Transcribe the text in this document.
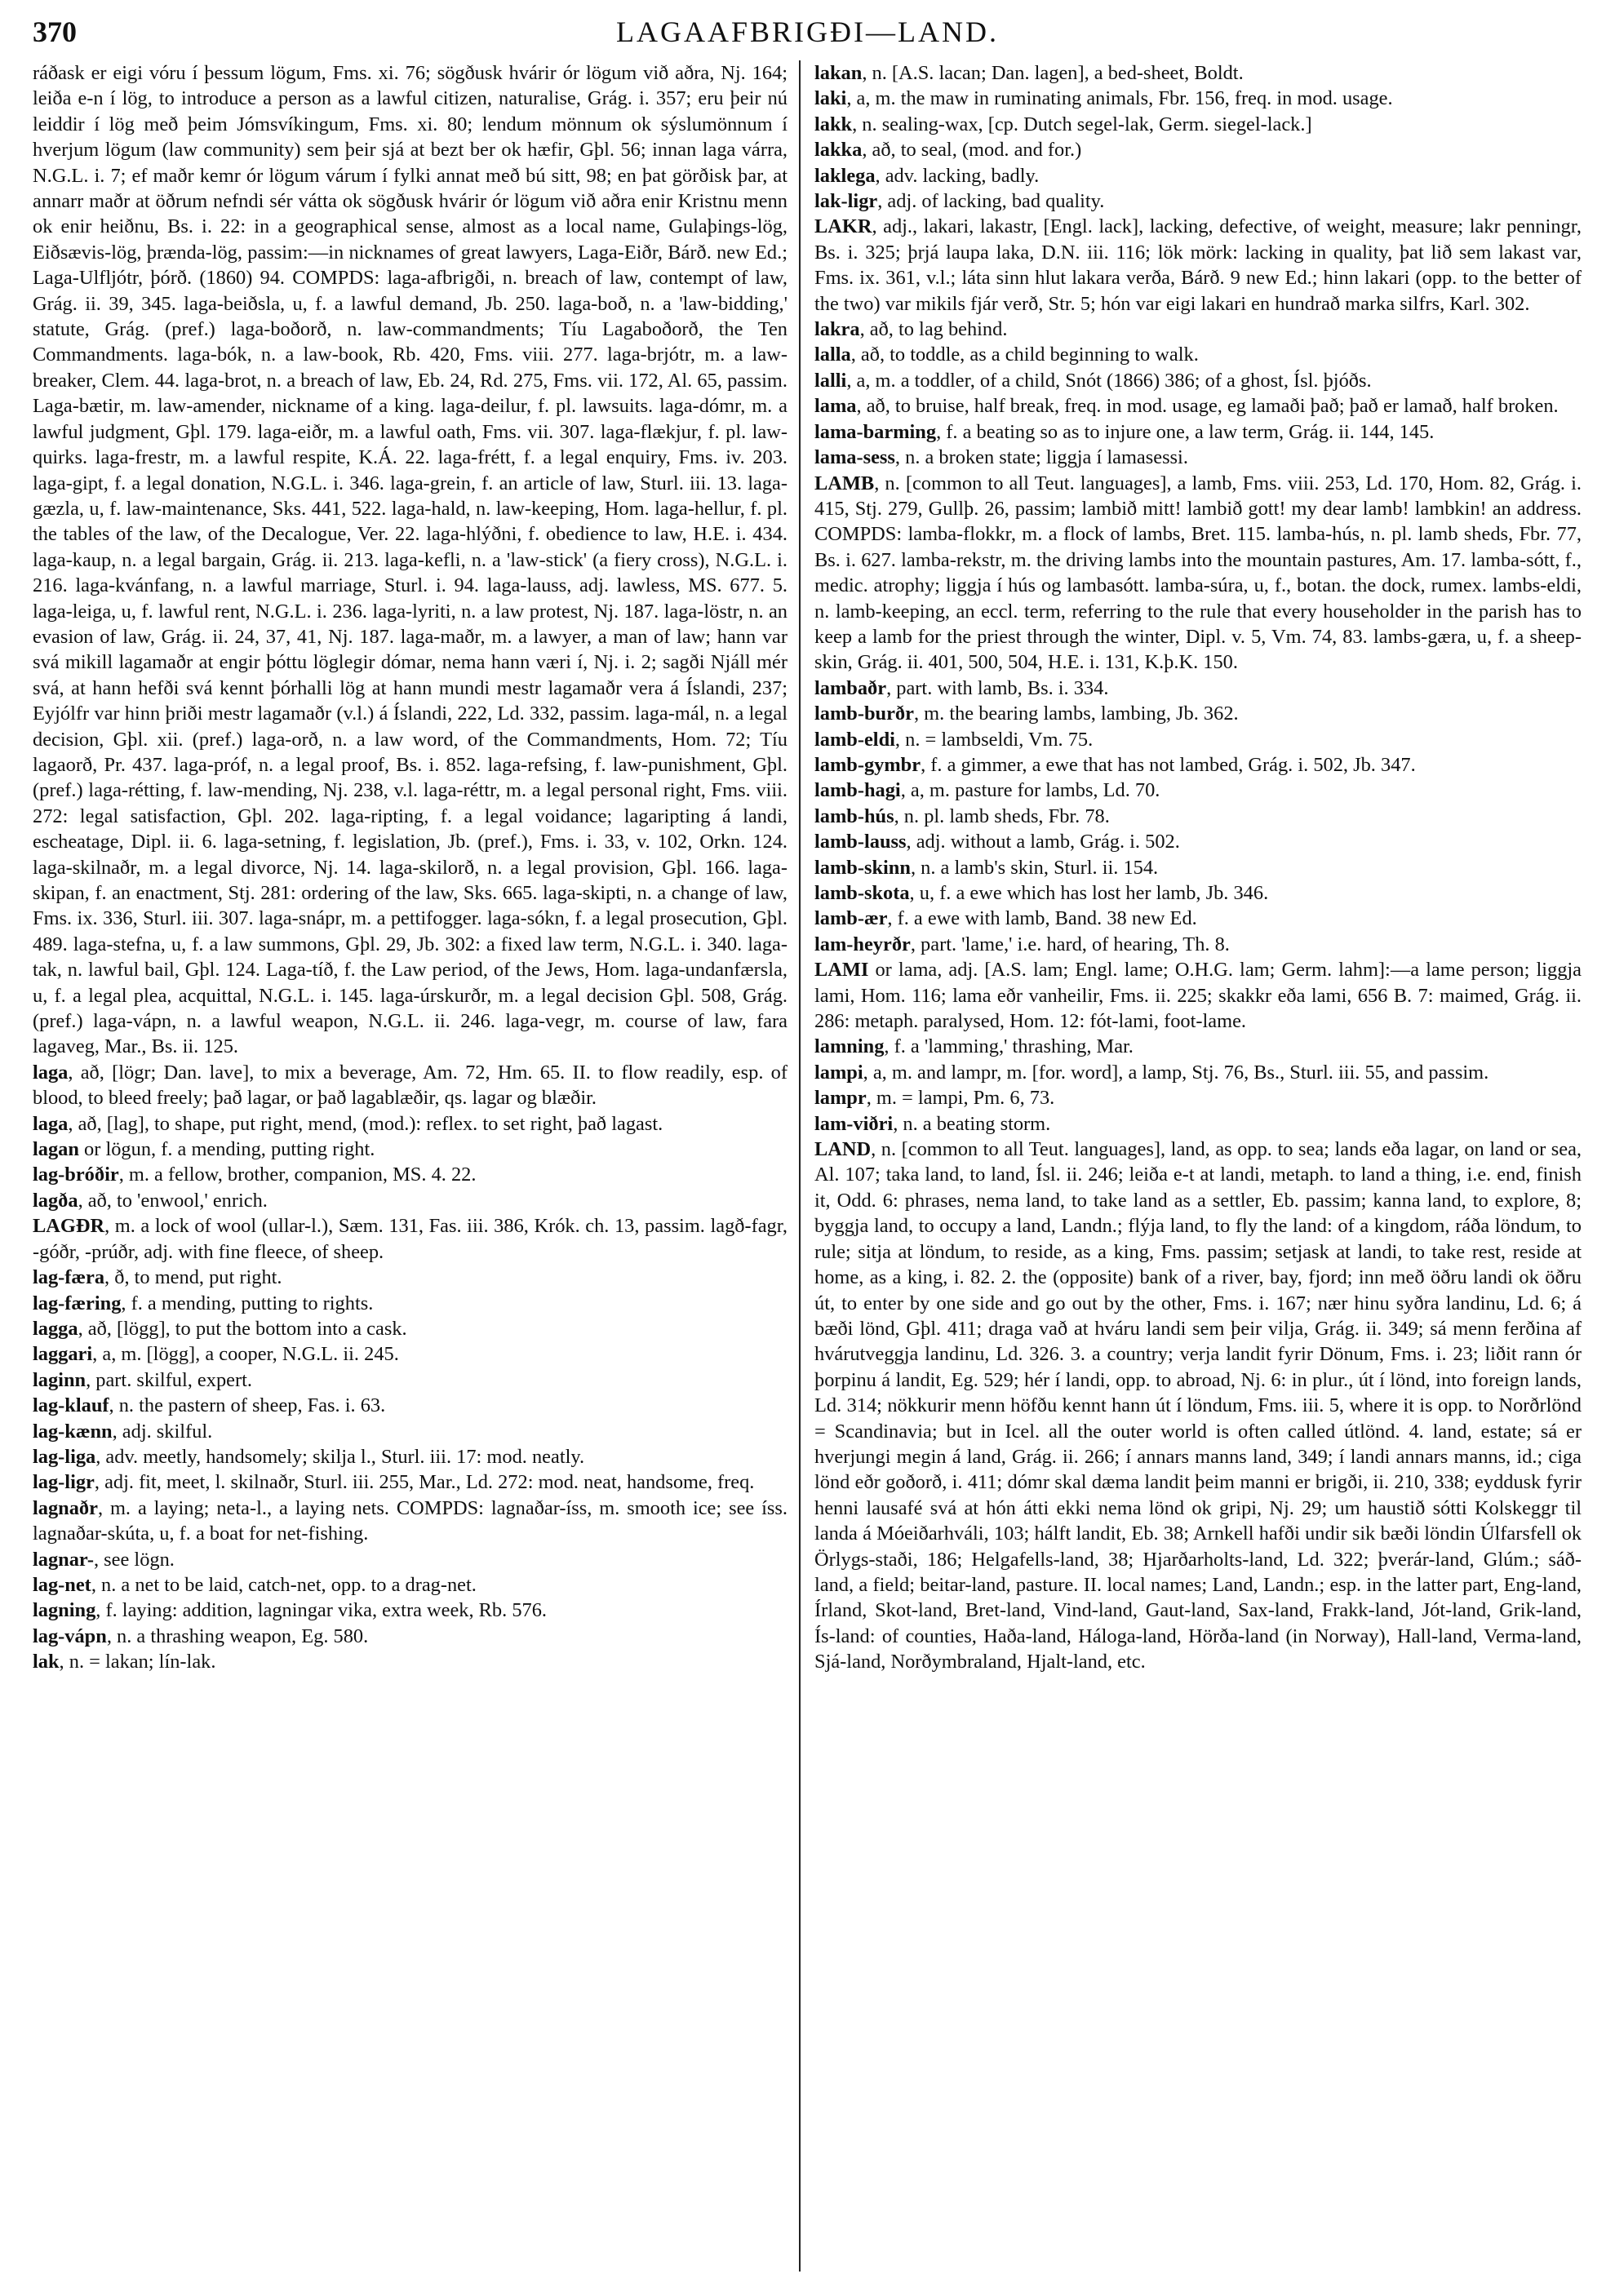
370	LAGAAFBRIGÐI—LAND.

ráðask er eigi vóru í þessum lögum, Fms. xi. 76; sögðusk hvárir ór lögum við aðra, Nj. 164; leiða e-n í lög, to introduce a person as a lawful citizen, naturalise, Grág. i. 357; eru þeir nú leiddir í lög með þeim Jómsvíkingum, Fms. xi. 80; lendum mönnum ok sýslumönnum í hverjum lögum (law community) sem þeir sjá at bezt ber ok hæfir, Gþl. 56; innan laga várra, N.G.L. i. 7; ef maðr kemr ór lögum várum í fylki annat með bú sitt, 98; en þat görðisk þar, at annarr maðr at öðrum nefndi sér vátta ok sögðusk hvárir ór lögum við aðra enir Kristnu menn ok enir heiðnu, Bs. i. 22: in a geographical sense, almost as a local name, Gulaþings-lög, Eiðsævis-lög, þrænda-lög, passim:—in nicknames of great lawyers, Laga-Eiðr, Bárð. new Ed.; Laga-Ulfljótr, þórð. (1860) 94. COMPDS: laga-afbrigði, n. breach of law, contempt of law, Grág. ii. 39, 345. laga-beiðsla, u, f. a lawful demand, Jb. 250. laga-boð, n. a 'law-bidding,' statute, Grág. (pref.) laga-boðorð, n. law-commandments; Tíu Lagaboðorð, the Ten Commandments. laga-bók, n. a law-book, Rb. 420, Fms. viii. 277. laga-brjótr, m. a law-breaker, Clem. 44. laga-brot, n. a breach of law, Eb. 24, Rd. 275, Fms. vii. 172, Al. 65, passim. Laga-bætir, m. law-amender, nickname of a king. laga-deilur, f. pl. lawsuits. laga-dómr, m. a lawful judgment, Gþl. 179. laga-eiðr, m. a lawful oath, Fms. vii. 307. laga-flækjur, f. pl. law-quirks. laga-frestr, m. a lawful respite, K.Á. 22. laga-frétt, f. a legal enquiry, Fms. iv. 203. laga-gipt, f. a legal donation, N.G.L. i. 346. laga-grein, f. an article of law, Sturl. iii. 13. laga-gæzla, u, f. law-maintenance, Sks. 441, 522. laga-hald, n. law-keeping, Hom. laga-hellur, f. pl. the tables of the law, of the Decalogue, Ver. 22. laga-hlýðni, f. obedience to law, H.E. i. 434. laga-kaup, n. a legal bargain, Grág. ii. 213. laga-kefli, n. a 'law-stick' (a fiery cross), N.G.L. i. 216. laga-kvánfang, n. a lawful marriage, Sturl. i. 94. laga-lauss, adj. lawless, MS. 677. 5. laga-leiga, u, f. lawful rent, N.G.L. i. 236. laga-lyriti, n. a law protest, Nj. 187. laga-löstr, n. an evasion of law, Grág. ii. 24, 37, 41, Nj. 187. laga-maðr, m. a lawyer, a man of law; hann var svá mikill lagamaðr at engir þóttu löglegir dómar, nema hann væri í, Nj. i. 2; sagði Njáll mér svá, at hann hefði svá kennt þórhalli lög at hann mundi mestr lagamaðr vera á Íslandi, 237; Eyjólfr var hinn þriði mestr lagamaðr (v.l.) á Íslandi, 222, Ld. 332, passim. laga-mál, n. a legal decision, Gþl. xii. (pref.) laga-orð, n. a law word, of the Commandments, Hom. 72; Tíu lagaorð, Pr. 437. laga-próf, n. a legal proof, Bs. i. 852. laga-refsing, f. law-punishment, Gþl. (pref.) laga-rétting, f. law-mending, Nj. 238, v.l. laga-réttr, m. a legal personal right, Fms. viii. 272: legal satisfaction, Gþl. 202. laga-ripting, f. a legal voidance; lagaripting á landi, escheatage, Dipl. ii. 6. laga-setning, f. legislation, Jb. (pref.), Fms. i. 33, v. 102, Orkn. 124. laga-skilnaðr, m. a legal divorce, Nj. 14. laga-skilorð, n. a legal provision, Gþl. 166. laga-skipan, f. an enactment, Stj. 281: ordering of the law, Sks. 665. laga-skipti, n. a change of law, Fms. ix. 336, Sturl. iii. 307. laga-snápr, m. a pettifogger. laga-sókn, f. a legal prosecution, Gþl. 489. laga-stefna, u, f. a law summons, Gþl. 29, Jb. 302: a fixed law term, N.G.L. i. 340. laga-tak, n. lawful bail, Gþl. 124. Laga-tíð, f. the Law period, of the Jews, Hom. laga-undanfærsla, u, f. a legal plea, acquittal, N.G.L. i. 145. laga-úrskurðr, m. a legal decision Gþl. 508, Grág. (pref.) laga-vápn, n. a lawful weapon, N.G.L. ii. 246. laga-vegr, m. course of law, fara lagaveg, Mar., Bs. ii. 125.

laga, að, [lögr; Dan. lave], to mix a beverage, Am. 72, Hm. 65. II. to flow readily, esp. of blood, to bleed freely; það lagar, or það lagablæðir, qs. lagar og blæðir.

laga, að, [lag], to shape, put right, mend, (mod.): reflex. to set right, það lagast.

lagan or lögun, f. a mending, putting right.

lag-bróðir, m. a fellow, brother, companion, MS. 4. 22.

lagða, að, to 'enwool,' enrich.

LAGÐR, m. a lock of wool (ullar-l.), Sæm. 131, Fas. iii. 386, Krók. ch. 13, passim. lagð-fagr, -góðr, -prúðr, adj. with fine fleece, of sheep.

lag-færa, ð, to mend, put right.

lag-færing, f. a mending, putting to rights.

lagga, að, [lögg], to put the bottom into a cask.

laggari, a, m. [lögg], a cooper, N.G.L. ii. 245.

laginn, part. skilful, expert.

lag-klauf, n. the pastern of sheep, Fas. i. 63.

lag-kænn, adj. skilful.

lag-liga, adv. meetly, handsomely; skilja l., Sturl. iii. 17: mod. neatly.

lag-ligr, adj. fit, meet, l. skilnaðr, Sturl. iii. 255, Mar., Ld. 272: mod. neat, handsome, freq.

lagnaðr, m. a laying; neta-l., a laying nets. COMPDS: lagnaðar-íss, m. smooth ice; see íss. lagnaðar-skúta, u, f. a boat for net-fishing.

lagnar-, see lögn.

lag-net, n. a net to be laid, catch-net, opp. to a drag-net.

lagning, f. laying: addition, lagningar vika, extra week, Rb. 576.

lag-vápn, n. a thrashing weapon, Eg. 580.

lak, n. = lakan; lín-lak.

lakan, n. [A.S. lacan; Dan. lagen], a bed-sheet, Boldt.

laki, a, m. the maw in ruminating animals, Fbr. 156, freq. in mod. usage.

lakk, n. sealing-wax, [cp. Dutch segel-lak, Germ. siegel-lack.]

lakka, að, to seal, (mod. and for.)

laklega, adv. lacking, badly.

lak-ligr, adj. of lacking, bad quality.

LAKR, adj., lakari, lakastr, [Engl. lack], lacking, defective, of weight, measure; lakr penningr, Bs. i. 325; þrjá laupa laka, D.N. iii. 116; lök mörk: lacking in quality, þat lið sem lakast var, Fms. ix. 361, v.l.; láta sinn hlut lakara verða, Bárð. 9 new Ed.; hinn lakari (opp. to the better of the two) var mikils fjár verð, Str. 5; hón var eigi lakari en hundrað marka silfrs, Karl. 302.

lakra, að, to lag behind.

lalla, að, to toddle, as a child beginning to walk.

lalli, a, m. a toddler, of a child, Snót (1866) 386; of a ghost, Ísl. þjóðs.

lama, að, to bruise, half break, freq. in mod. usage, eg lamaði það; það er lamað, half broken.

lama-barming, f. a beating so as to injure one, a law term, Grág. ii. 144, 145.

lama-sess, n. a broken state; liggja í lamasessi.

LAMB, n. [common to all Teut. languages], a lamb, Fms. viii. 253, Ld. 170, Hom. 82, Grág. i. 415, Stj. 279, Gullþ. 26, passim; lambið mitt! lambið gott! my dear lamb! lambkin! an address. COMPDS: lamba-flokkr, m. a flock of lambs, Bret. 115. lamba-hús, n. pl. lamb sheds, Fbr. 77, Bs. i. 627. lamba-rekstr, m. the driving lambs into the mountain pastures, Am. 17. lamba-sótt, f., medic. atrophy; liggja í hús og lambasótt. lamba-súra, u, f., botan. the dock, rumex. lambs-eldi, n. lamb-keeping, an eccl. term, referring to the rule that every householder in the parish has to keep a lamb for the priest through the winter, Dipl. v. 5, Vm. 74, 83. lambs-gæra, u, f. a sheep-skin, Grág. ii. 401, 500, 504, H.E. i. 131, K.þ.K. 150.

lambaðr, part. with lamb, Bs. i. 334.

lamb-burðr, m. the bearing lambs, lambing, Jb. 362.

lamb-eldi, n. = lambseldi, Vm. 75.

lamb-gymbr, f. a gimmer, a ewe that has not lambed, Grág. i. 502, Jb. 347.

lamb-hagi, a, m. pasture for lambs, Ld. 70.

lamb-hús, n. pl. lamb sheds, Fbr. 78.

lamb-lauss, adj. without a lamb, Grág. i. 502.

lamb-skinn, n. a lamb's skin, Sturl. ii. 154.

lamb-skota, u, f. a ewe which has lost her lamb, Jb. 346.

lamb-ær, f. a ewe with lamb, Band. 38 new Ed.

lam-heyrðr, part. 'lame,' i.e. hard, of hearing, Th. 8.

LAMI or lama, adj. [A.S. lam; Engl. lame; O.H.G. lam; Germ. lahm]:—a lame person; liggja lami, Hom. 116; lama eðr vanheilir, Fms. ii. 225; skakkr eða lami, 656 B. 7: maimed, Grág. ii. 286: metaph. paralysed, Hom. 12: fót-lami, foot-lame.

lamning, f. a 'lamming,' thrashing, Mar.

lampi, a, m. and lampr, m. [for. word], a lamp, Stj. 76, Bs., Sturl. iii. 55, and passim.

lampr, m. = lampi, Pm. 6, 73.

lam-viðri, n. a beating storm.

LAND, n. [common to all Teut. languages], land, as opp. to sea; lands eða lagar, on land or sea, Al. 107; taka land, to land, Ísl. ii. 246; leiða e-t at landi, metaph. to land a thing, i.e. end, finish it, Odd. 6: phrases, nema land, to take land as a settler, Eb. passim; kanna land, to explore, 8; byggja land, to occupy a land, Landn.; flýja land, to fly the land: of a kingdom, ráða löndum, to rule; sitja at löndum, to reside, as a king, Fms. passim; setjask at landi, to take rest, reside at home, as a king, i. 82. 2. the (opposite) bank of a river, bay, fjord; inn með öðru landi ok öðru út, to enter by one side and go out by the other, Fms. i. 167; nær hinu syðra landinu, Ld. 6; á bæði lönd, Gþl. 411; draga vað at hváru landi sem þeir vilja, Grág. ii. 349; sá menn ferðina af hvárutveggja landinu, Ld. 326. 3. a country; verja landit fyrir Dönum, Fms. i. 23; liðit rann ór þorpinu á landit, Eg. 529; hér í landi, opp. to abroad, Nj. 6: in plur., út í lönd, into foreign lands, Ld. 314; nökkurir menn höfðu kennt hann út í löndum, Fms. iii. 5, where it is opp. to Norðrlönd = Scandinavia; but in Icel. all the outer world is often called útlönd. 4. land, estate; sá er hverjungi megin á land, Grág. ii. 266; í annars manns land, 349; í landi annars manns, id.; ciga lönd eðr goðorð, i. 411; dómr skal dæma landit þeim manni er brigði, ii. 210, 338; eyddusk fyrir henni lausafé svá at hón átti ekki nema lönd ok gripi, Nj. 29; um haustið sótti Kolskeggr til landa á Móeiðarhváli, 103; hálft landit, Eb. 38; Arnkell hafði undir sik bæði löndin Úlfarsfell ok Örlygs-staði, 186; Helgafells-land, 38; Hjarðarholts-land, Ld. 322; þverár-land, Glúm.; sáð-land, a field; beitar-land, pasture. II. local names; Land, Landn.; esp. in the latter part, Eng-land, Írland, Skot-land, Bret-land, Vind-land, Gaut-land, Sax-land, Frakk-land, Jót-land, Grik-land, Ís-land: of counties, Haða-land, Háloga-land, Hörða-land (in Norway), Hall-land, Verma-land, Sjá-land, Norðymbraland, Hjalt-land, etc.
